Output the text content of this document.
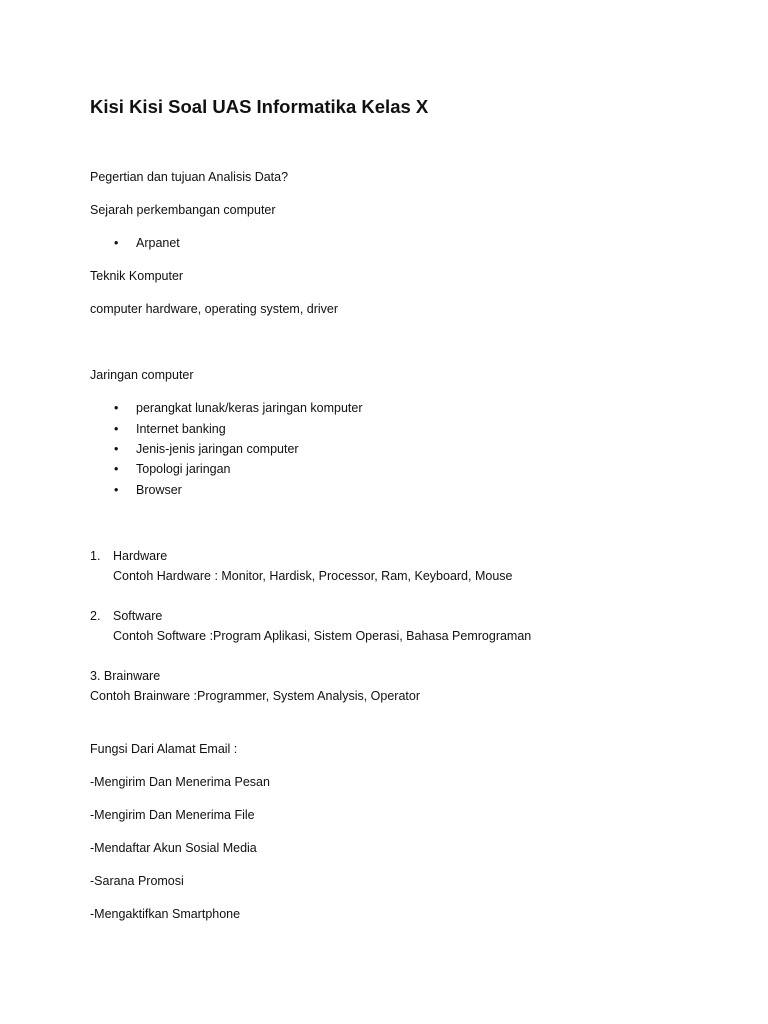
Kisi Kisi Soal UAS Informatika Kelas X

Pegertian dan tujuan Analisis Data?

Sejarah perkembangan computer

• Arpanet

Teknik Komputer

computer hardware, operating system, driver

Jaringan computer

• perangkat lunak/keras jaringan komputer
• Internet banking
• Jenis-jenis jaringan computer
• Topologi jaringan
• Browser
1. Hardware
Contoh Hardware : Monitor, Hardisk, Processor, Ram, Keyboard, Mouse
2. Software
Contoh Software :Program Aplikasi, Sistem Operasi, Bahasa Pemrograman

3. Brainware

Contoh Brainware :Programmer, System Analysis, Operator

Fungsi Dari Alamat Email :

-Mengirim Dan Menerima Pesan

-Mengirim Dan Menerima File

-Mendaftar Akun Sosial Media

-Sarana Promosi

-Mengaktifkan Smartphone
